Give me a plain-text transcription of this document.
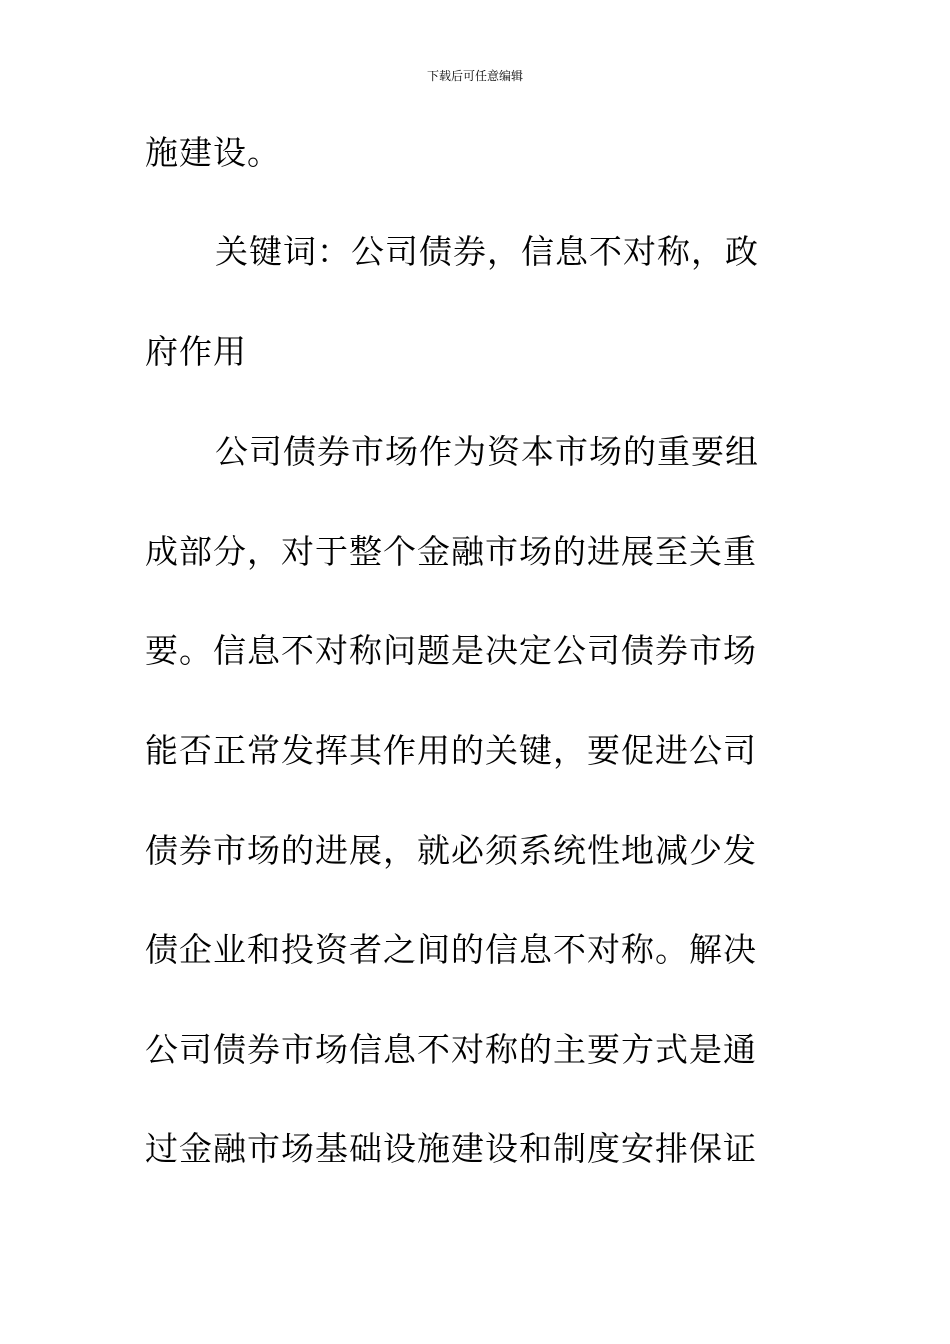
下载后可任意编辑
施建设。
关键词：公司债券，信息不对称，政
府作用
公司债券市场作为资本市场的重要组
成部分，对于整个金融市场的进展至关重
要。信息不对称问题是决定公司债券市场
能否正常发挥其作用的关键，要促进公司
债券市场的进展，就必须系统性地减少发
债企业和投资者之间的信息不对称。解决
公司债券市场信息不对称的主要方式是通
过金融市场基础设施建设和制度安排保证
